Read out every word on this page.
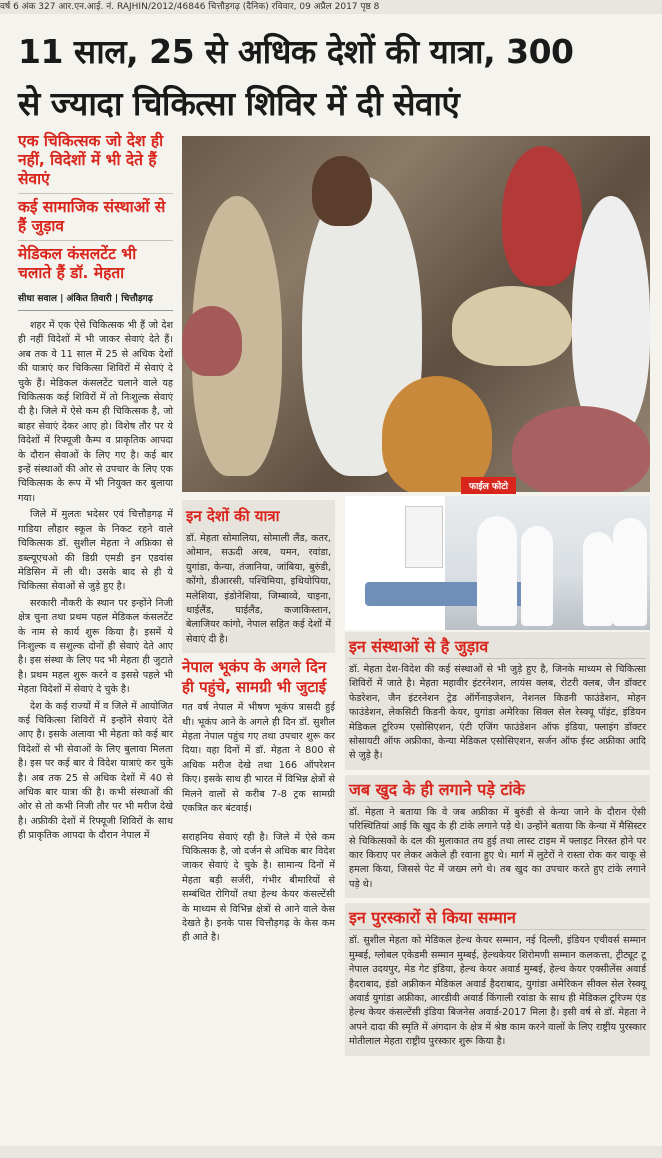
वर्ष 6 अंक 327 आर.एन.आई. नं. RAJHIN/2012/46846 चित्तौड़गढ़ (दैनिक) रविवार, 09 अप्रैल 2017 पृष्ठ 8
11 साल, 25 से अधिक देशों की यात्रा, 300
से ज्यादा चिकित्सा शिविर में दी सेवाएं
एक चिकित्सक जो देश ही नहीं, विदेशों में भी देते हैं सेवाएं
कई सामाजिक संस्थाओं से हैं जुड़ाव
मेडिकल कंसलटेंट भी चलाते हैं डॉ. मेहता
सीधा सवाल | अंकित तिवारी | चित्तौड़गढ़

शहर में एक ऐसे चिकित्सक भी हैं जो देश ही नहीं विदेशों में भी जाकर सेवाएं देते हैं। अब तक वे 11 साल में 25 से अधिक देशों की यात्राएं कर चिकित्सा शिविरों में सेवाएं दे चुके हैं। मेडिकल कंसलटेंट चलाने वाले यह चिकित्सक कई शिविरों में तो निःशुल्क सेवाएं दी है। जिले में ऐसे कम ही चिकित्सक है, जो बाहर सेवाएं देकर आए हो। विशेष तौर पर ये विदेशों में रिफ्यूजी कैम्प व प्राकृतिक आपदा के दौरान सेवाओं के लिए गए है। कई बार इन्हें संस्थाओं की ओर से उपचार के लिए एक चिकित्सक के रूप में भी नियुक्त कर बुलाया गया।

जिले में मुलतः भदेसर एवं चित्तौड़गढ़ में गाडिया लौहार स्कूल के निकट रहने वाले चिकित्सक डॉ. सुशील मेहता ने अफ्रिका से डब्ल्यूएचओ की डिग्री एमडी इन एडवांस मेडिसिन में ली थी। उसके बाद से ही ये चिकित्सा सेवाओं से जुड़े हुए है।

सरकारी नौकरी के स्थान पर इन्होंने निजी क्षेत्र चुना तथा प्रथम पहल मेडिकल कंसलटेंट के नाम से कार्य शुरू किया है। इसमें ये निःशुल्क व सशुल्क दोनों ही सेवाएं देते आए है। इस संस्था के लिए पद भी मेहता ही जुटाते है। प्रथम महल शुरू करने व इससे पहले भी मेहता विदेशों में सेवाएं दे चुके है।

देश के कई राज्यों में व जिले में आयोजित कई चिकित्सा शिविरों में इन्होंने सेवाएं देते आए है। इसके अलावा भी मेहता को कई बार विदेशों से भी सेवाओं के लिए बुलावा मिलता है। इस पर कई बार वे विदेश यात्राएं कर चुके है। अब तक 25 से अधिक देशों में 40 से अधिक बार यात्रा की है। कभी संस्थाओं की ओर से तो कभी निजी तौर पर भी मरीज देखे है। अफ्रीकी देशों में रिफ्यूजी शिविरों के साथ ही प्राकृतिक आपदा के दौरान नेपाल में

फाईल फोटो
इन देशों की यात्रा
डॉ. मेहता सोमालिया, सोमाली लैंड, कतर, ओमान, सऊदी अरब, यमन, रवांडा, युगांडा, केन्या, तंजानिया, जांबिया, बुरुंडी, कोंगो, डीआरसी, पश्चिमिया, इथियोपिया, मलेशिया, इंडोनेशिया, जिम्बाव्वे, चाइना, थाईलैंड, घाईलैंड, कजाकिस्तान, बेलाजियर कांगो, नेपाल सहित कई देशों में सेवाएं दी है।
नेपाल भूकंप के अगले दिन ही पहुंचे, सामग्री भी जुटाई
गत वर्ष नेपाल में भीषण भूकंप त्रासदी हुई थी। भूकंप आने के अगले ही दिन डॉ. सुशील मेहता नेपाल पहुंच गए तथा उपचार शुरू कर दिया। वहा दिनों में डॉ. मेहता ने 800 से अधिक मरीज देखे तथा 166 ऑपरेशन किए। इसके साथ ही भारत में विभिन्न क्षेत्रों से मिलने वालों से करीब 7-8 ट्रक सामग्री एकत्रित कर बंटवाई।
सराहनिय सेवाएं रही है। जिले में ऐसे कम चिकित्सक है, जो दर्जन से अधिक बार विदेश जाकर सेवाएं दे चुके है। सामान्य दिनों में मेहता बड़ी सर्जरी, गंभीर बीमारियों से सम्बंधित रोगियों तथा हेल्थ केयर कंसल्टेंसी के माध्यम से विभिन्न क्षेत्रों से आने वाले केस देखते है। इनके पास चित्तौड़गढ़ के केस कम ही आते है।
इन संस्थाओं से है जुड़ाव
डॉ. मेहता देश-विदेश की कई संस्थाओं से भी जुड़े हुए है, जिनके माध्यम से चिकित्सा शिविरों में जाते है। मेहता महावीर इंटरनेशन, लायंस क्लब, रोटरी क्लब, जैन डॉक्टर फेडरेशन, जैन इंटरनेशन ट्रेड ऑर्गेनाइजेशन, नेशनल किडनी फाउंडेशन, मोहन फाउंडेशन, लेकसिटी किडनी केयर, युगांडा अमेरिका सिक्ल सेल रेस्क्यू पॉइंट, इंडियन मेडिकल टूरिज्म एसोसिएशन, एंटी एजिंग फाउंडेशन ऑफ इंडिया, फ्लाइंग डॉक्टर सोसायटी ऑफ अफ्रीका, केन्या मेडिकल एसोसिएशन, सर्जन ऑफ ईस्ट अफ्रीका आदि से जुड़े है।
जब खुद के ही लगाने पड़े टांके
डॉ. मेहता ने बताया कि वे जब अफ्रीका में बुरुंडी से केन्या जाने के दौरान ऐसी परिस्थितियां आई कि खुद के ही टांके लगाने पड़े थे। उन्होंने बताया कि केन्या में मैसिस्टर से चिकित्सकों के दल की मुलाकात तय हुई तथा लास्ट टाइम में फ्लाइट निरस्त होने पर कार किराए पर लेकर अकेले ही रवाना हुए थे। मार्ग में लुटेरों ने रास्ता रोक कर चाकू से हमला किया, जिससे पेट में जख्म लगे थे। तब खुद का उपचार करते हुए टांके लगाने पड़े थे।
इन पुरस्कारों से किया सम्मान
डॉ. सुशील मेहता को मेडिकल हेल्थ केयर सम्मान, नई दिल्ली, इंडियन एचीवर्स सम्मान मुम्बई, ग्लोबल एकेडमी सम्मान मुम्बई, हेल्थकेयर शिरोमणी सम्मान कलकत्ता, ट्रीट्यूट टू नेपाल उदयपुर, मेड गेट इंडिया, हेल्थ केयर अवार्ड मुम्बई, हेल्थ केयर एक्सीलेंस अवार्ड हैदराबाद, इंडो अफ्रीकन मेडिकल अवार्ड हैदराबाद, युगांडा अमेरिकन सीक्ल सेल रेस्क्यू अवार्ड युगांडा अफ्रीका, आरडीवी अवार्ड किंगाली रवांडा के साथ ही मेडिकल टूरिज्म एंड हेल्थ केयर कंसल्टेंसी इंडिया बिजनेस अवार्ड-2017 मिला है। इसी वर्ष से डॉ. मेहता ने अपने दादा की स्मृति में अंगदान के क्षेत्र में श्रेष्ठ काम करने वालों के लिए राष्ट्रीय पुरस्कार मोतीलाल मेहता राष्ट्रीय पुरस्कार शुरू किया है।
